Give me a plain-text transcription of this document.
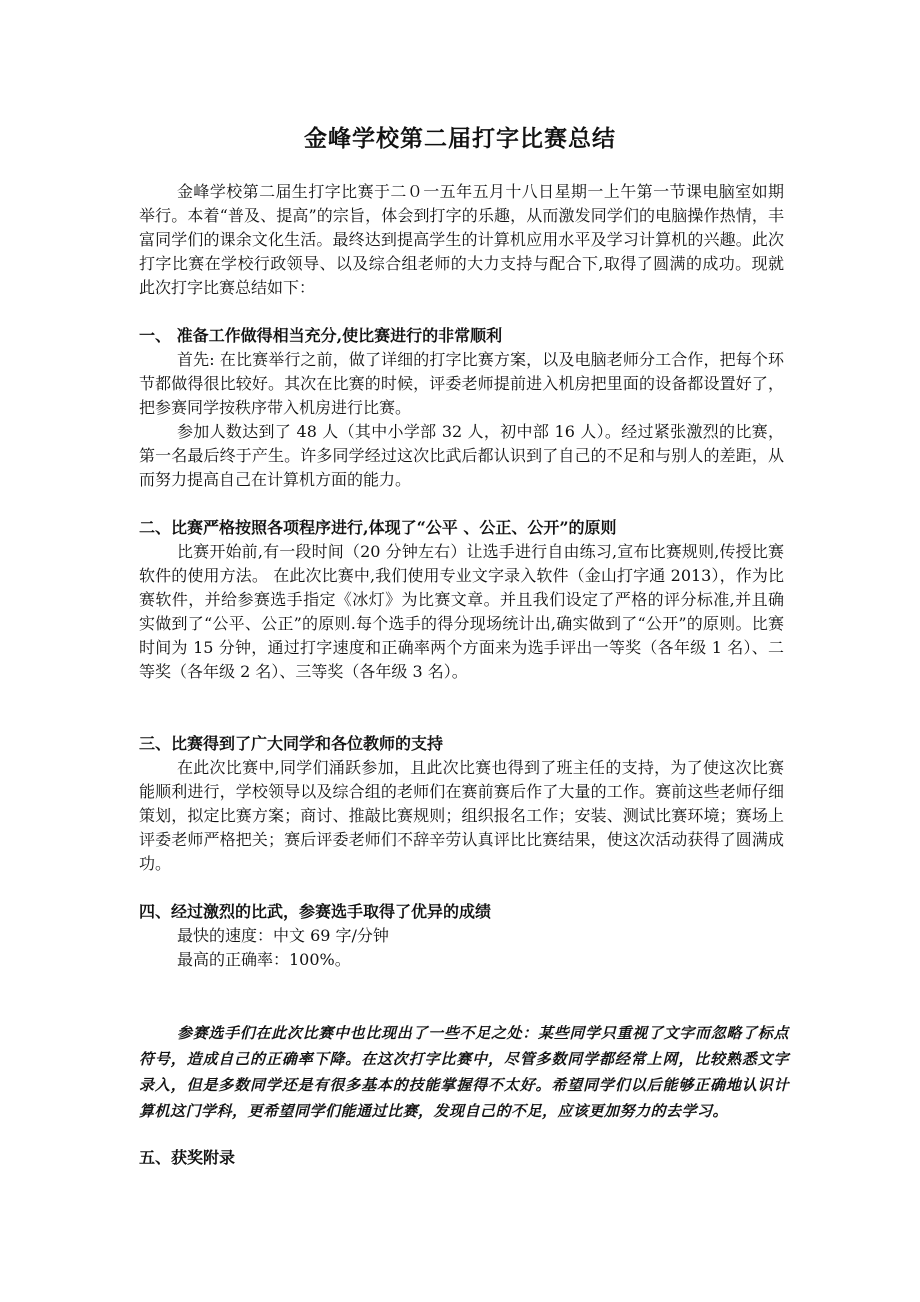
金峰学校第二届打字比赛总结

金峰学校第二届生打字比赛于二０一五年五月十八日星期一上午第一节课电脑室如期举行。本着“普及、提高”的宗旨，体会到打字的乐趣，从而激发同学们的电脑操作热情，丰富同学们的课余文化生活。最终达到提高学生的计算机应用水平及学习计算机的兴趣。此次打字比赛在学校行政领导、以及综合组老师的大力支持与配合下,取得了圆满的成功。现就此次打字比赛总结如下：

一、 准备工作做得相当充分,使比赛进行的非常顺利

首先: 在比赛举行之前，做了详细的打字比赛方案，以及电脑老师分工合作，把每个环节都做得很比较好。其次在比赛的时候，评委老师提前进入机房把里面的设备都设置好了，把参赛同学按秩序带入机房进行比赛。

参加人数达到了 48 人（其中小学部 32 人，初中部 16 人）。经过紧张激烈的比赛，第一名最后终于产生。许多同学经过这次比武后都认识到了自己的不足和与别人的差距，从而努力提高自己在计算机方面的能力。

二、比赛严格按照各项程序进行,体现了“公平 、公正、公开”的原则

比赛开始前,有一段时间（20 分钟左右）让选手进行自由练习,宣布比赛规则,传授比赛软件的使用方法。 在此次比赛中,我们使用专业文字录入软件（金山打字通 2013），作为比赛软件，并给参赛选手指定《冰灯》为比赛文章。并且我们设定了严格的评分标准,并且确实做到了“公平、公正”的原则.每个选手的得分现场统计出,确实做到了“公开”的原则。比赛时间为 15 分钟，通过打字速度和正确率两个方面来为选手评出一等奖（各年级 1 名）、二等奖（各年级 2 名）、三等奖（各年级 3 名）。

三、比赛得到了广大同学和各位教师的支持

在此次比赛中,同学们涌跃参加，且此次比赛也得到了班主任的支持，为了使这次比赛能顺利进行，学校领导以及综合组的老师们在赛前赛后作了大量的工作。赛前这些老师仔细策划，拟定比赛方案；商讨、推敲比赛规则；组织报名工作；安装、测试比赛环境；赛场上评委老师严格把关；赛后评委老师们不辞辛劳认真评比比赛结果，使这次活动获得了圆满成功。

四、经过激烈的比武，参赛选手取得了优异的成绩

最快的速度：中文 69 字/分钟

最高的正确率：100%。

参赛选手们在此次比赛中也比现出了一些不足之处：某些同学只重视了文字而忽略了标点符号，造成自己的正确率下降。在这次打字比赛中，尽管多数同学都经常上网，比较熟悉文字录入，但是多数同学还是有很多基本的技能掌握得不太好。希望同学们以后能够正确地认识计算机这门学科，更希望同学们能通过比赛，发现自己的不足，应该更加努力的去学习。

五、获奖附录
